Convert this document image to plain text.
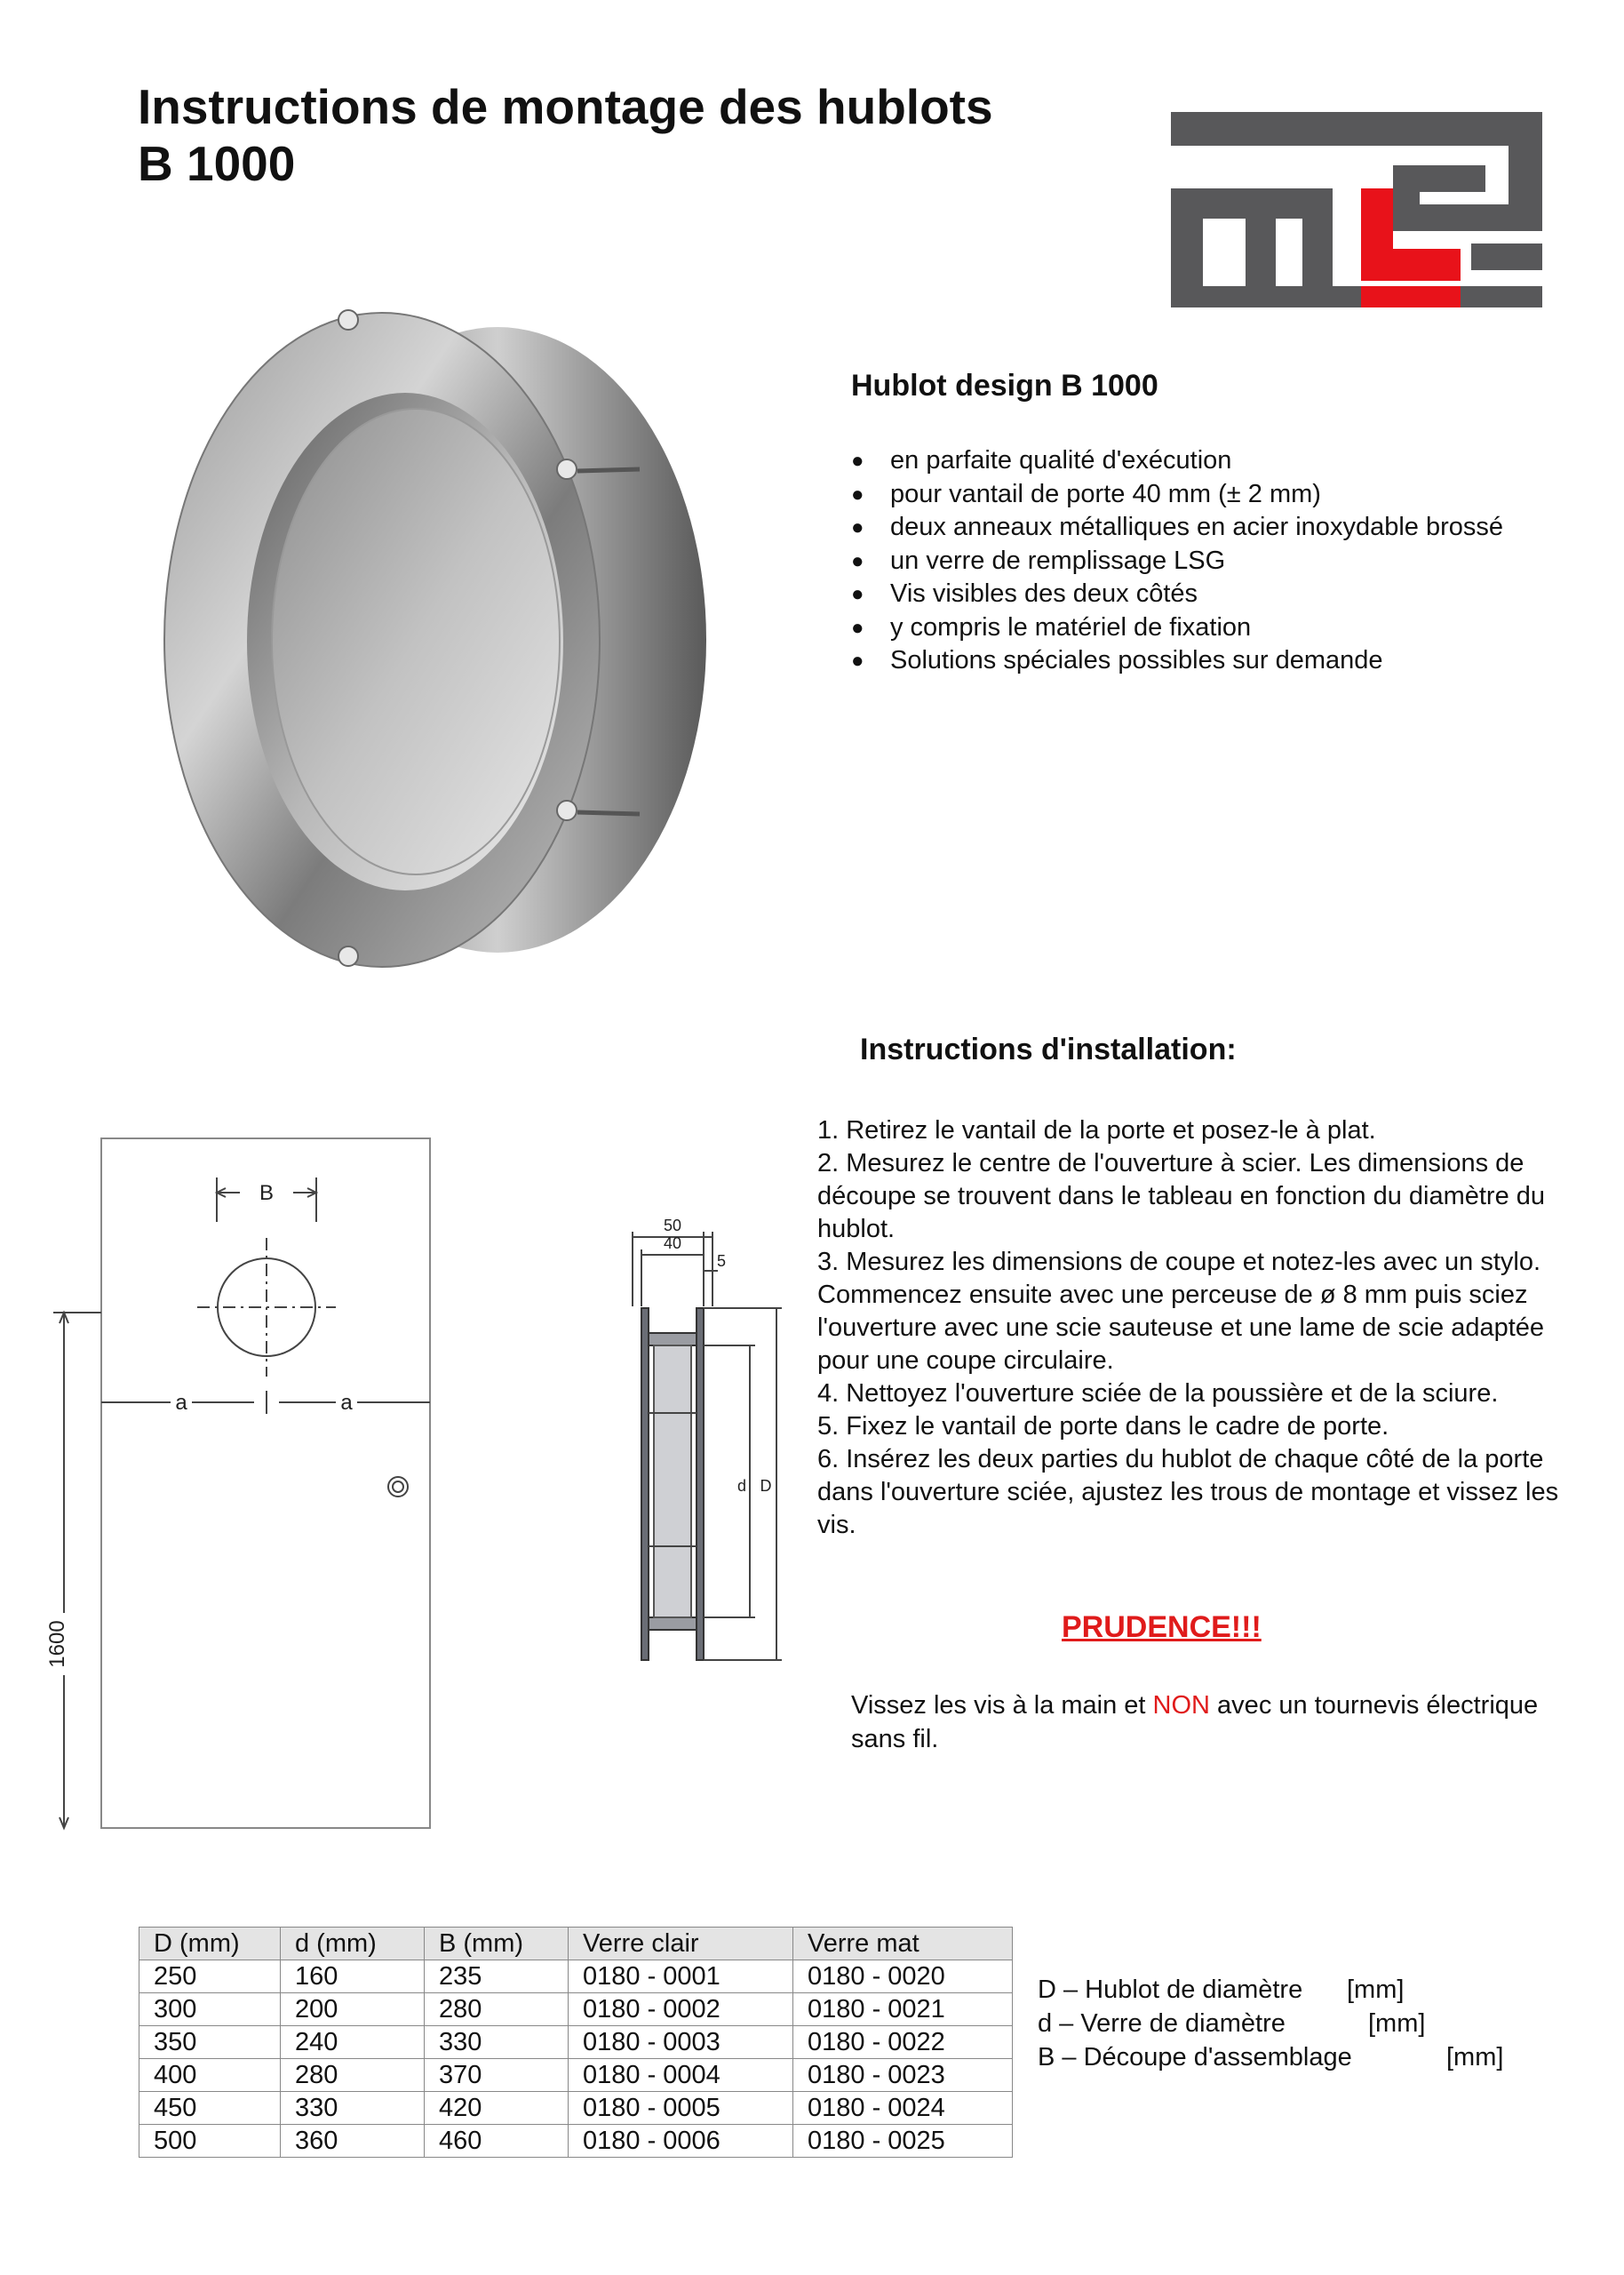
Instructions de montage des hublots
B 1000
Hublot design B 1000
● en parfaite qualité d'exécution
● pour vantail de porte 40 mm (± 2 mm)
● deux anneaux métalliques en acier inoxydable brossé
● un verre de remplissage LSG
● Vis visibles des deux côtés
● y compris le matériel de fixation
● Solutions spéciales possibles sur demande
Instructions d'installation:

1. Retirez le vantail de la porte et posez-le à plat.

2. Mesurez le centre de l'ouverture à scier. Les dimensions de découpe se trouvent dans le tableau en fonction du diamètre du hublot.

3. Mesurez les dimensions de coupe et notez-les avec un stylo. Commencez ensuite avec une perceuse de ø 8 mm puis sciez l'ouverture avec une scie sauteuse et une lame de scie adaptée pour une coupe circulaire.

4. Nettoyez l'ouverture sciée de la poussière et de la sciure.

5. Fixez le vantail de porte dans le cadre de porte.

6. Insérez les deux parties du hublot de chaque côté de la porte dans l'ouverture sciée, ajustez les trous de montage et vissez les vis.

B
a	a
1600
50
40
5
d D
PRUDENCE!!!
Vissez les vis à la main et NON avec un tournevis électrique sans fil.
D (mm)	d (mm)	B (mm)	Verre clair	Verre mat
250	160	235	0180 - 0001	0180 - 0020
300	200	280	0180 - 0002	0180 - 0021
350	240	330	0180 - 0003	0180 - 0022
400	280	370	0180 - 0004	0180 - 0023
450	330	420	0180 - 0005	0180 - 0024
500	360	460	0180 - 0006	0180 - 0025
D – Hublot de diamètre [mm]
d – Verre de diamètre	[mm]
B – Découpe d'assemblage	[mm]
